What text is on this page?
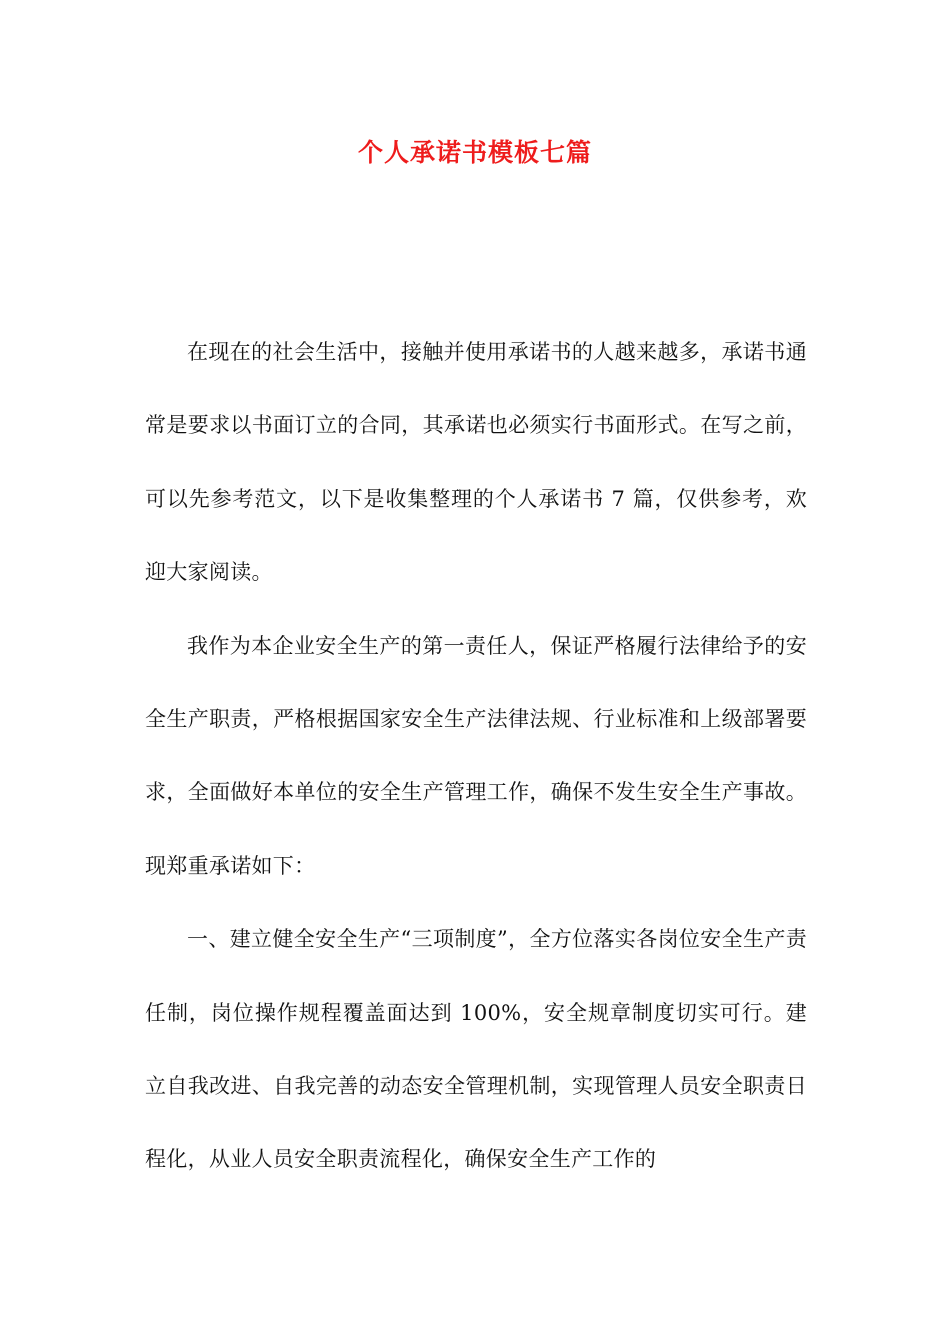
个人承诺书模板七篇

在现在的社会生活中，接触并使用承诺书的人越来越多，承诺书通常是要求以书面订立的合同，其承诺也必须实行书面形式。在写之前，可以先参考范文，以下是收集整理的个人承诺书 7 篇，仅供参考，欢迎大家阅读。

我作为本企业安全生产的第一责任人，保证严格履行法律给予的安全生产职责，严格根据国家安全生产法律法规、行业标准和上级部署要求，全面做好本单位的安全生产管理工作，确保不发生安全生产事故。现郑重承诺如下：

一、建立健全安全生产“三项制度”，全方位落实各岗位安全生产责任制，岗位操作规程覆盖面达到 100%，安全规章制度切实可行。建立自我改进、自我完善的动态安全管理机制，实现管理人员安全职责日程化，从业人员安全职责流程化，确保安全生产工作的
